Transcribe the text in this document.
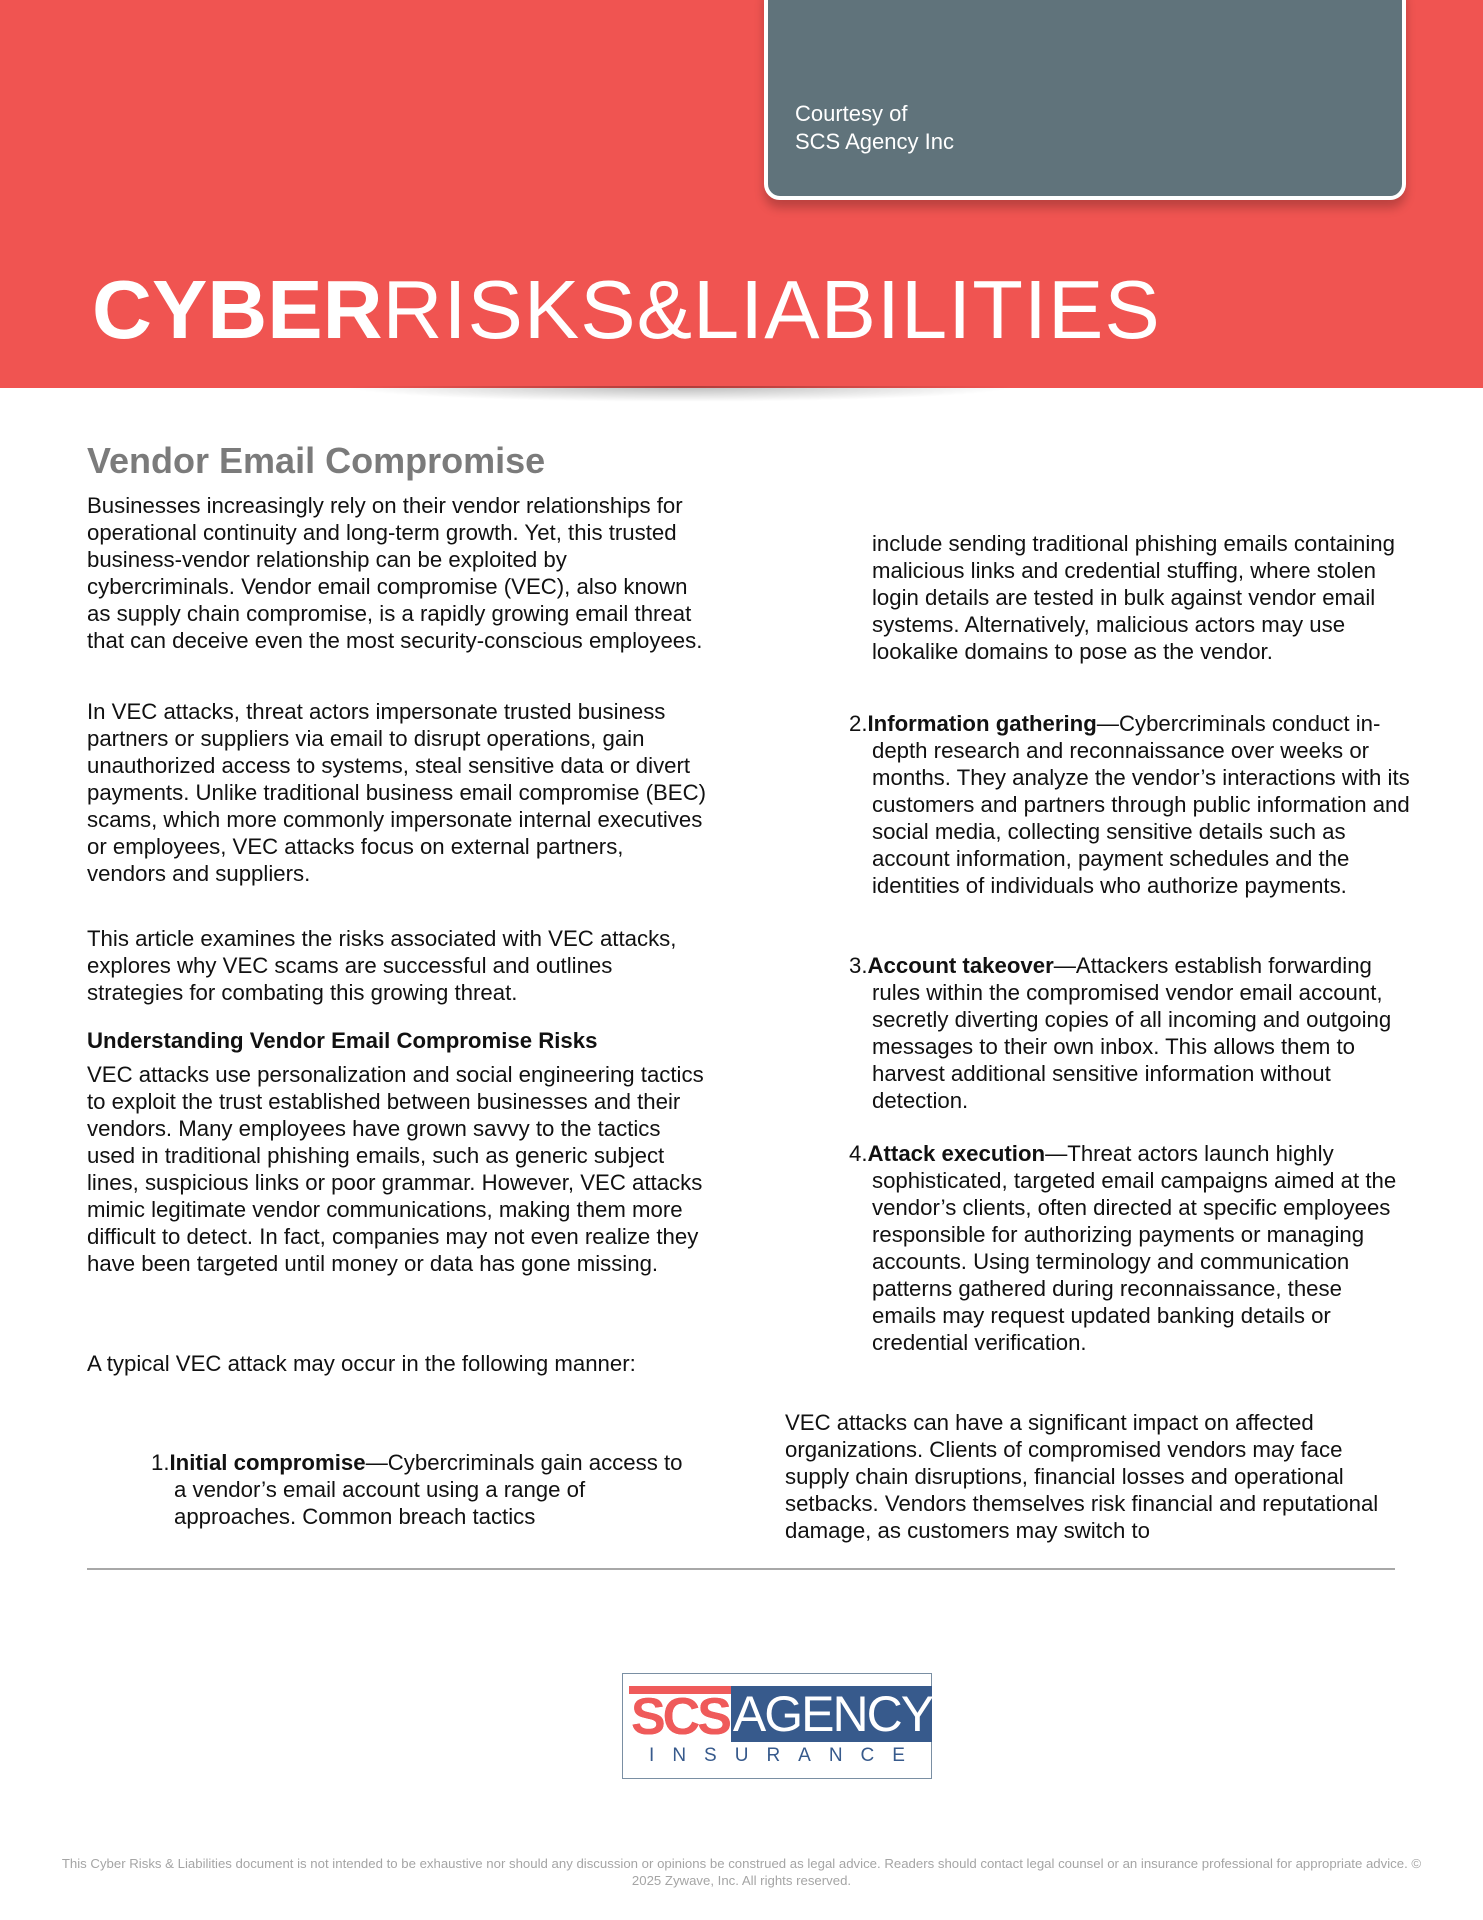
Courtesy of
SCS Agency Inc
CYBERRISKS&LIABILITIES
Vendor Email Compromise

Businesses increasingly rely on their vendor relationships for operational continuity and long-term growth. Yet, this trusted business-vendor relationship can be exploited by cybercriminals. Vendor email compromise (VEC), also known as supply chain compromise, is a rapidly growing email threat that can deceive even the most security-conscious employees.

In VEC attacks, threat actors impersonate trusted business partners or suppliers via email to disrupt operations, gain unauthorized access to systems, steal sensitive data or divert payments. Unlike traditional business email compromise (BEC) scams, which more commonly impersonate internal executives or employees, VEC attacks focus on external partners, vendors and suppliers.

This article examines the risks associated with VEC attacks, explores why VEC scams are successful and outlines strategies for combating this growing threat.

Understanding Vendor Email Compromise Risks

VEC attacks use personalization and social engineering tactics to exploit the trust established between businesses and their vendors. Many employees have grown savvy to the tactics used in traditional phishing emails, such as generic subject lines, suspicious links or poor grammar. However, VEC attacks mimic legitimate vendor communications, making them more difficult to detect. In fact, companies may not even realize they have been targeted until money or data has gone missing.

A typical VEC attack may occur in the following manner:

1.Initial compromise—Cybercriminals gain access to a vendor’s email account using a range of approaches. Common breach tactics

include sending traditional phishing emails containing malicious links and credential stuffing, where stolen login details are tested in bulk against vendor email systems. Alternatively, malicious actors may use lookalike domains to pose as the vendor.

2.Information gathering—Cybercriminals conduct in-depth research and reconnaissance over weeks or months. They analyze the vendor’s interactions with its customers and partners through public information and social media, collecting sensitive details such as account information, payment schedules and the identities of individuals who authorize payments.
3.Account takeover—Attackers establish forwarding rules within the compromised vendor email account, secretly diverting copies of all incoming and outgoing messages to their own inbox. This allows them to harvest additional sensitive information without detection.
4.Attack execution—Threat actors launch highly sophisticated, targeted email campaigns aimed at the vendor’s clients, often directed at specific employees responsible for authorizing payments or managing accounts. Using terminology and communication patterns gathered during reconnaissance, these emails may request updated banking details or credential verification.

VEC attacks can have a significant impact on affected organizations. Clients of compromised vendors may face supply chain disruptions, financial losses and operational setbacks. Vendors themselves risk financial and reputational damage, as customers may switch to

SCS AGENCY
INSURANCE
This Cyber Risks & Liabilities document is not intended to be exhaustive nor should any discussion or opinions be construed as legal advice. Readers should contact legal counsel or an insurance professional for appropriate advice. © 2025 Zywave, Inc. All rights reserved.
